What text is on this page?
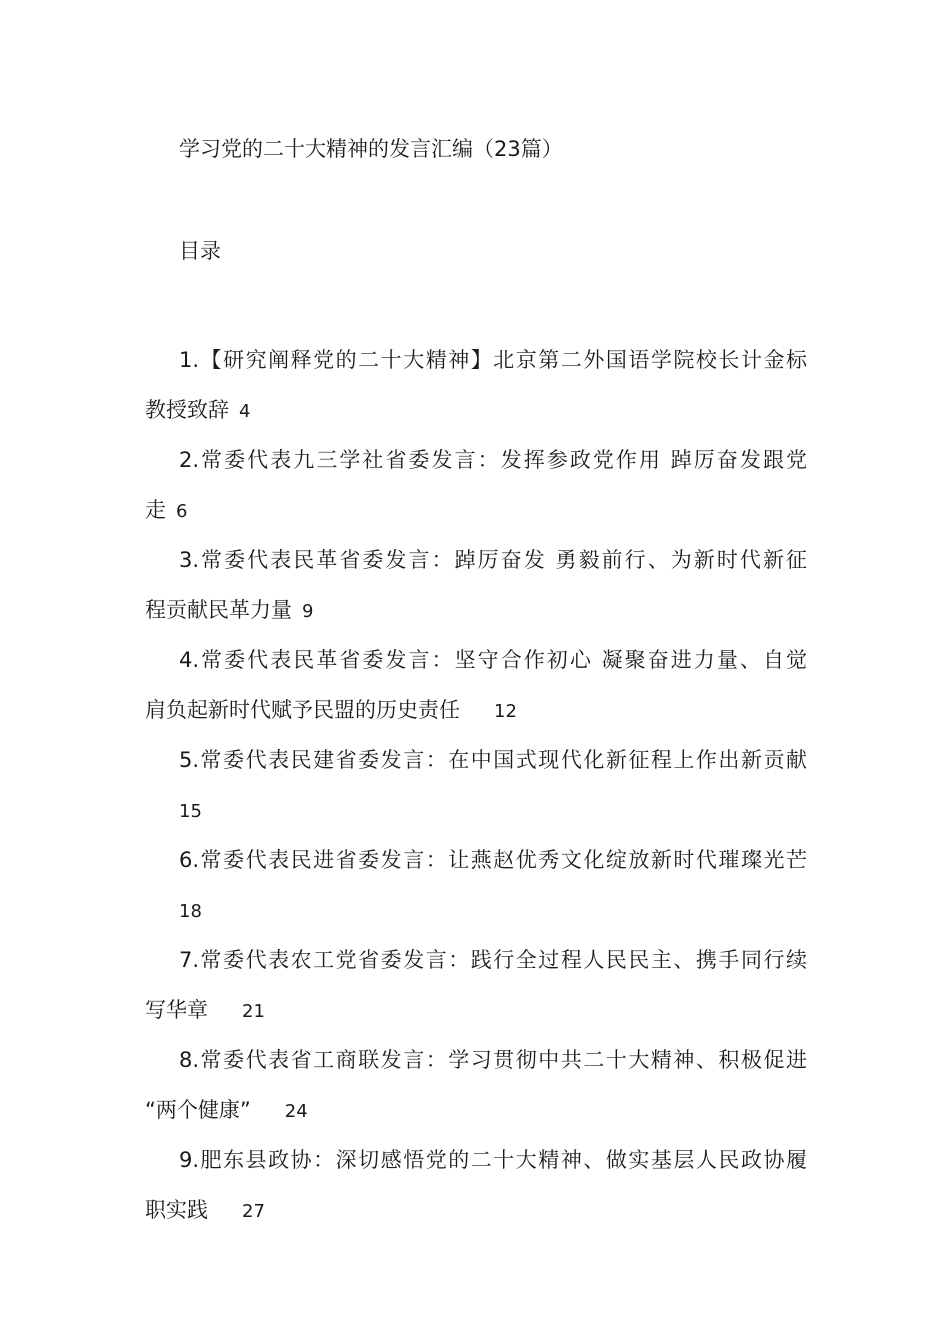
学习党的二十大精神的发言汇编（23篇）
目录
1.【研究阐释党的二十大精神】北京第二外国语学院校长计金标
教授致辞 4
2.常委代表九三学社省委发言：发挥参政党作用 踔厉奋发跟党
走 6
3.常委代表民革省委发言：踔厉奋发 勇毅前行、为新时代新征
程贡献民革力量 9
4.常委代表民革省委发言：坚守合作初心 凝聚奋进力量、自觉
肩负起新时代赋予民盟的历史责任 12
5.常委代表民建省委发言：在中国式现代化新征程上作出新贡献
15
6.常委代表民进省委发言：让燕赵优秀文化绽放新时代璀璨光芒
18
7.常委代表农工党省委发言：践行全过程人民民主、携手同行续
写华章 21
8.常委代表省工商联发言：学习贯彻中共二十大精神、积极促进
“两个健康” 24
9.肥东县政协：深切感悟党的二十大精神、做实基层人民政协履
职实践 27
